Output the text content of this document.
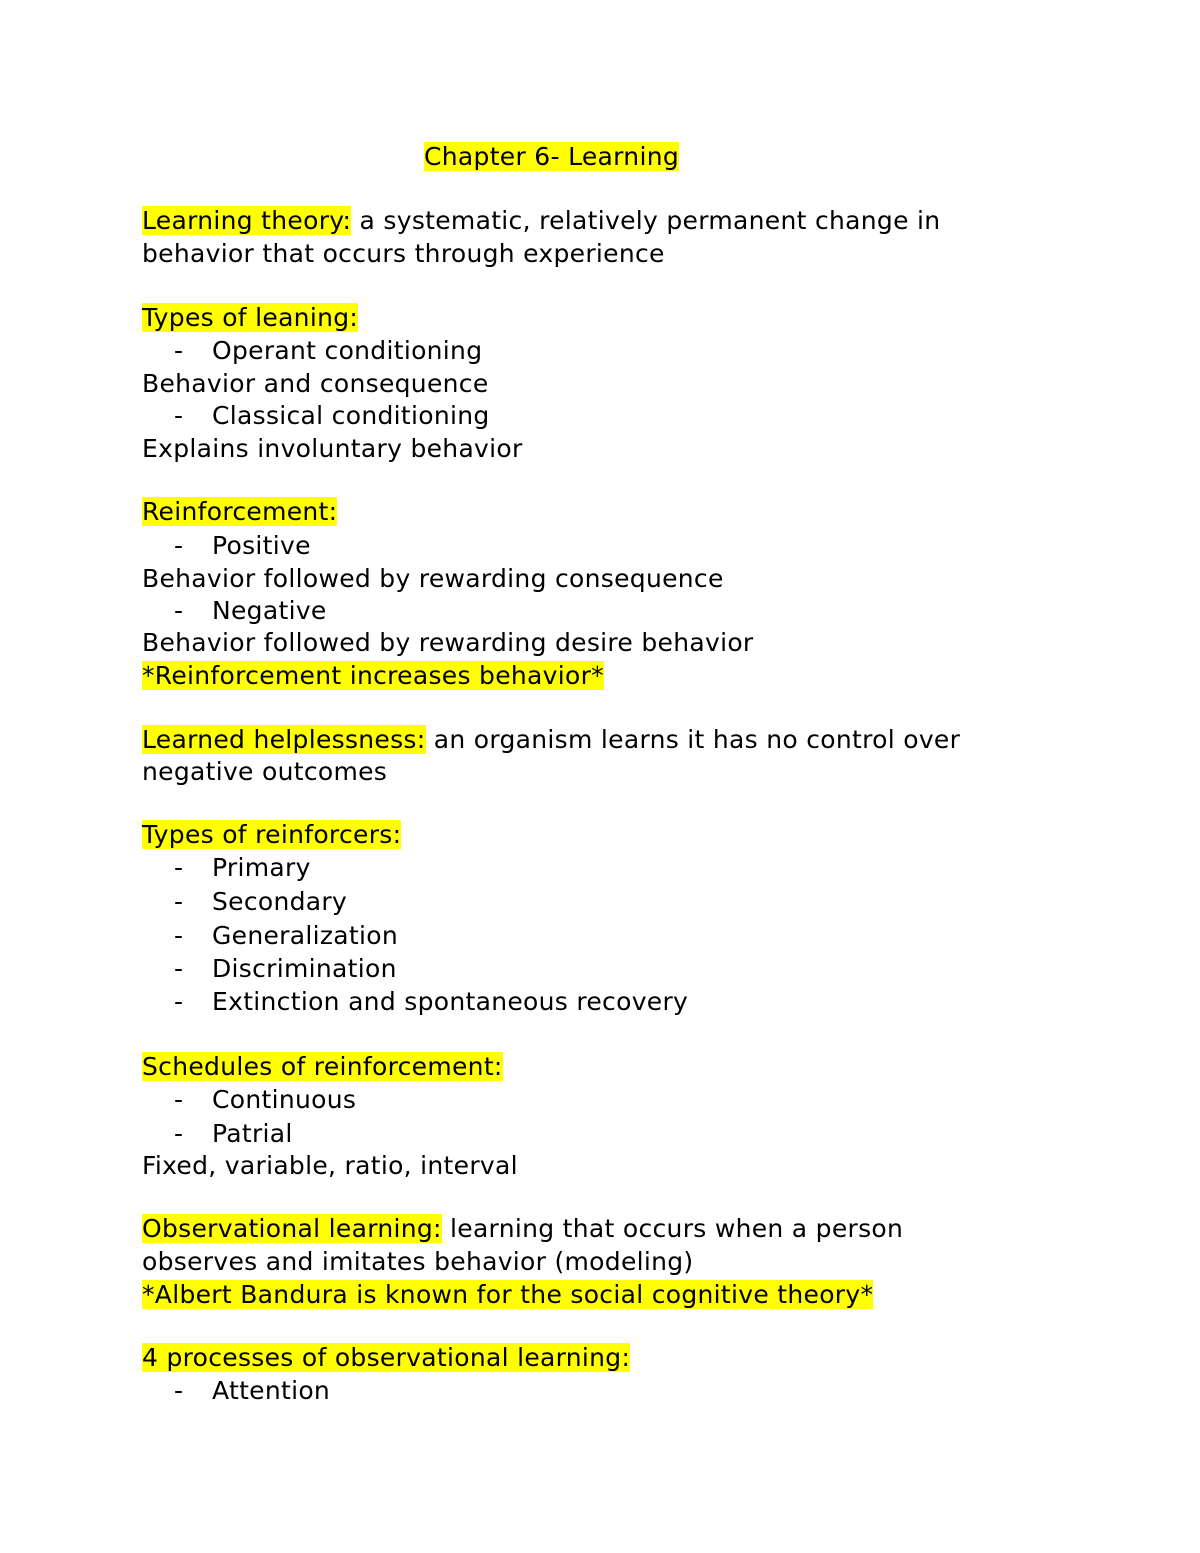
Chapter 6- Learning
Learning theory: a systematic, relatively permanent change in
behavior that occurs through experience
Types of leaning:
- Operant conditioning
Behavior and consequence
- Classical conditioning
Explains involuntary behavior
Reinforcement:
- Positive
Behavior followed by rewarding consequence
- Negative
Behavior followed by rewarding desire behavior
*Reinforcement increases behavior*
Learned helplessness: an organism learns it has no control over
negative outcomes
Types of reinforcers:
- Primary
- Secondary
- Generalization
- Discrimination
- Extinction and spontaneous recovery
Schedules of reinforcement:
- Continuous
- Patrial
Fixed, variable, ratio, interval
Observational learning: learning that occurs when a person
observes and imitates behavior (modeling)
*Albert Bandura is known for the social cognitive theory*
4 processes of observational learning:
- Attention
